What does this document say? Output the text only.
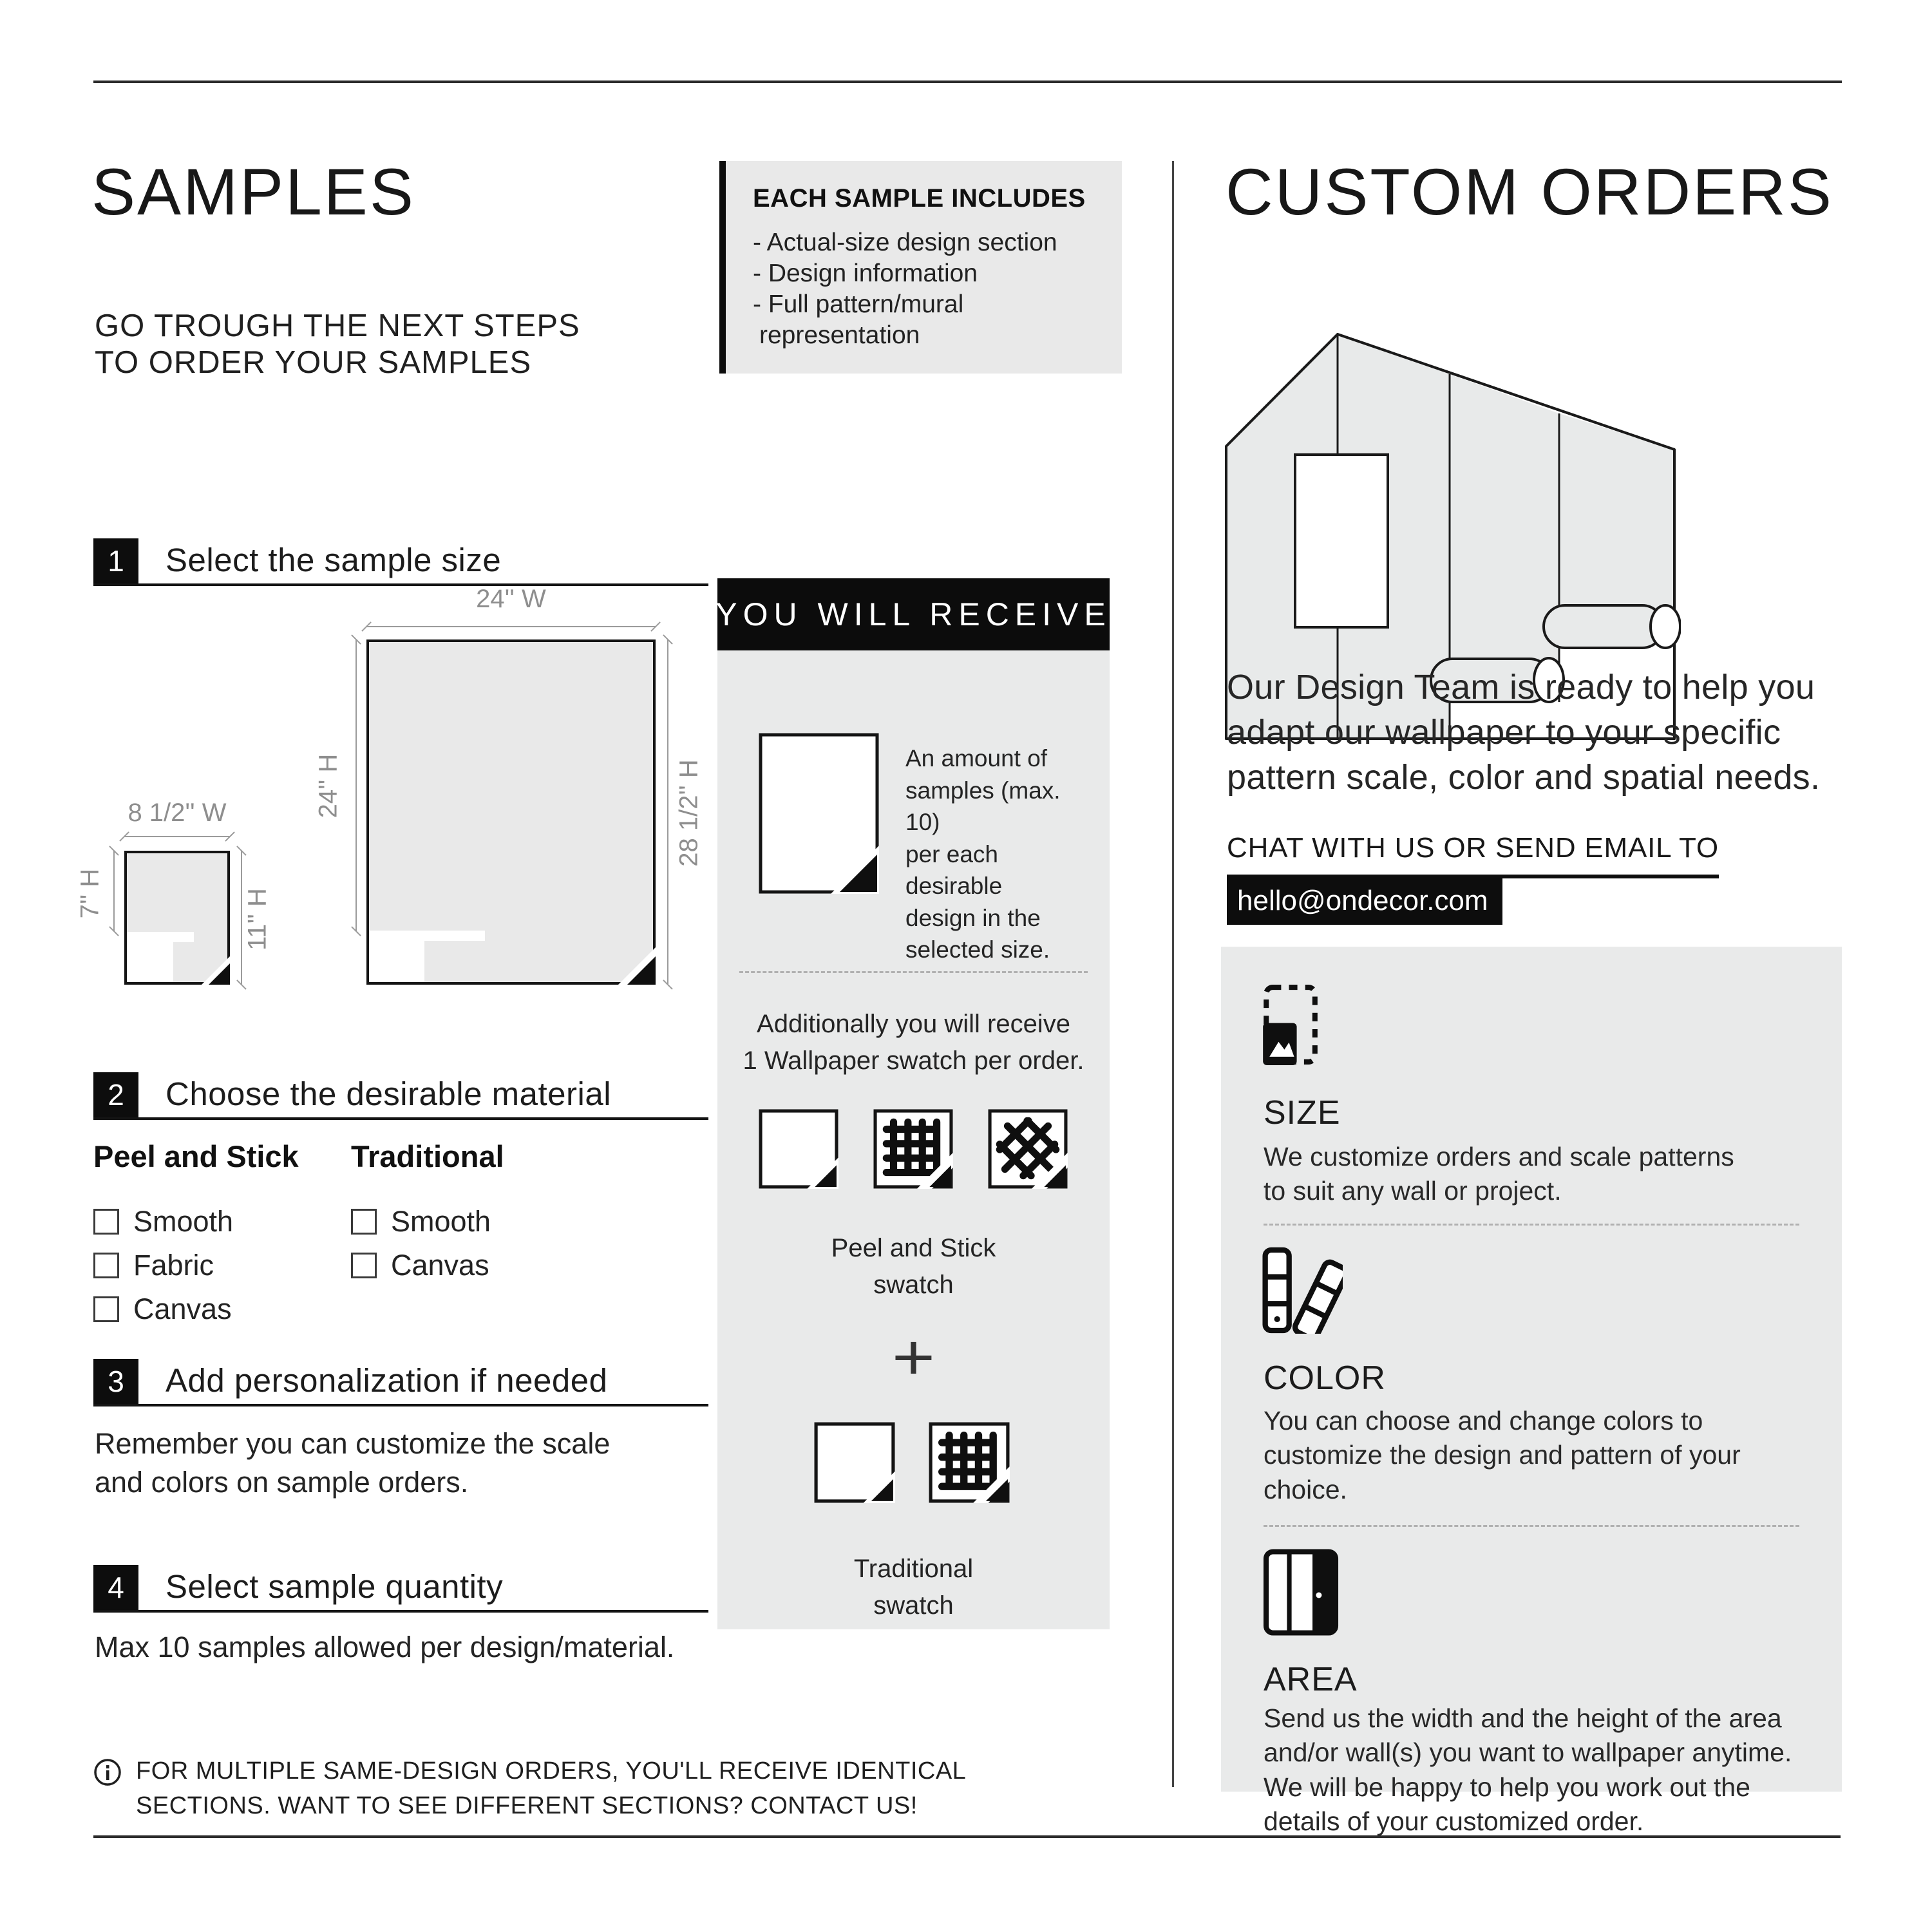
SAMPLES
GO TROUGH THE NEXT STEPS
TO ORDER YOUR SAMPLES
EACH SAMPLE INCLUDES
- Actual-size design section
- Design information
- Full pattern/mural
representation
1	Select the sample size
24'' W
24'' H	28 1/2'' H
8 1/2'' W
7'' H	11'' H
2	Choose the desirable material
Peel and Stick
Smooth
Fabric
Canvas
Traditional
Smooth
Canvas
3	Add personalization if needed
Remember you can customize the scale
and colors on sample orders.
4	Select sample quantity
Max 10 samples allowed per design/material.
FOR MULTIPLE SAME-DESIGN ORDERS, YOU'LL RECEIVE IDENTICAL
SECTIONS. WANT TO SEE DIFFERENT SECTIONS? CONTACT US!
YOU WILL RECEIVE
An amount of
samples (max. 10)
per each desirable
design in the
selected size.
Additionally you will receive
1 Wallpaper swatch per order.
Peel and Stick
swatch
+
Traditional
swatch
CUSTOM ORDERS
Our Design Team is ready to help you
adapt our wallpaper to your specific
pattern scale, color and spatial needs.
CHAT WITH US OR SEND EMAIL TO
hello@ondecor.com
SIZE
We customize orders and scale patterns
to suit any wall or project.
COLOR
You can choose and change colors to
customize the design and pattern of your
choice.
AREA
Send us the width and the height of the area
and/or wall(s) you want to wallpaper anytime.
We will be happy to help you work out the
details of your customized order.
